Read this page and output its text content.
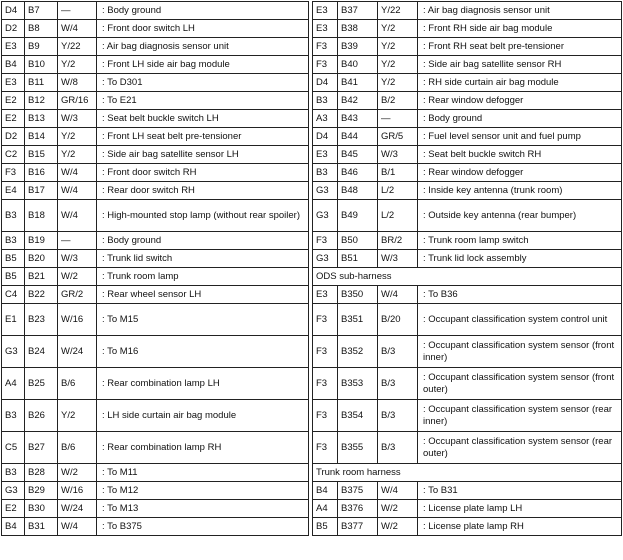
D4	B7	—	: Body ground		E3	B37	Y/22	: Air bag diagnosis sensor unit
D2	B8	W/4	: Front door switch LH		E3	B38	Y/2	: Front RH side air bag module
E3	B9	Y/22	: Air bag diagnosis sensor unit		F3	B39	Y/2	: Front RH seat belt pre-tensioner
B4	B10	Y/2	: Front LH side air bag module		F3	B40	Y/2	: Side air bag satellite sensor RH
E3	B11	W/8	: To D301		D4	B41	Y/2	: RH side curtain air bag module
E2	B12	GR/16	: To E21		B3	B42	B/2	: Rear window defogger
E2	B13	W/3	: Seat belt buckle switch LH		A3	B43	—	: Body ground
D2	B14	Y/2	: Front LH seat belt pre-tensioner		D4	B44	GR/5	: Fuel level sensor unit and fuel pump
C2	B15	Y/2	: Side air bag satellite sensor LH		E3	B45	W/3	: Seat belt buckle switch RH
F3	B16	W/4	: Front door switch RH		B3	B46	B/1	: Rear window defogger
E4	B17	W/4	: Rear door switch RH		G3	B48	L/2	: Inside key antenna (trunk room)
B3	B18	W/4	: High-mounted stop lamp (without rear spoiler)		G3	B49	L/2	: Outside key antenna (rear bumper)
B3	B19	—	: Body ground		F3	B50	BR/2	: Trunk room lamp switch
B5	B20	W/3	: Trunk lid switch		G3	B51	W/3	: Trunk lid lock assembly
B5	B21	W/2	: Trunk room lamp		ODS sub-harness			
C4	B22	GR/2	: Rear wheel sensor LH		E3	B350	W/4	: To B36
E1	B23	W/16	: To M15		F3	B351	B/20	: Occupant classification system control unit
G3	B24	W/24	: To M16		F3	B352	B/3	: Occupant classification system sensor (front inner)
A4	B25	B/6	: Rear combination lamp LH		F3	B353	B/3	: Occupant classification system sensor (front outer)
B3	B26	Y/2	: LH side curtain air bag module		F3	B354	B/3	: Occupant classification system sensor (rear inner)
C5	B27	B/6	: Rear combination lamp RH		F3	B355	B/3	: Occupant classification system sensor (rear outer)
B3	B28	W/2	: To M11		Trunk room harness			
G3	B29	W/16	: To M12		B4	B375	W/4	: To B31
E2	B30	W/24	: To M13		A4	B376	W/2	: License plate lamp LH
B4	B31	W/4	: To B375		B5	B377	W/2	: License plate lamp RH
